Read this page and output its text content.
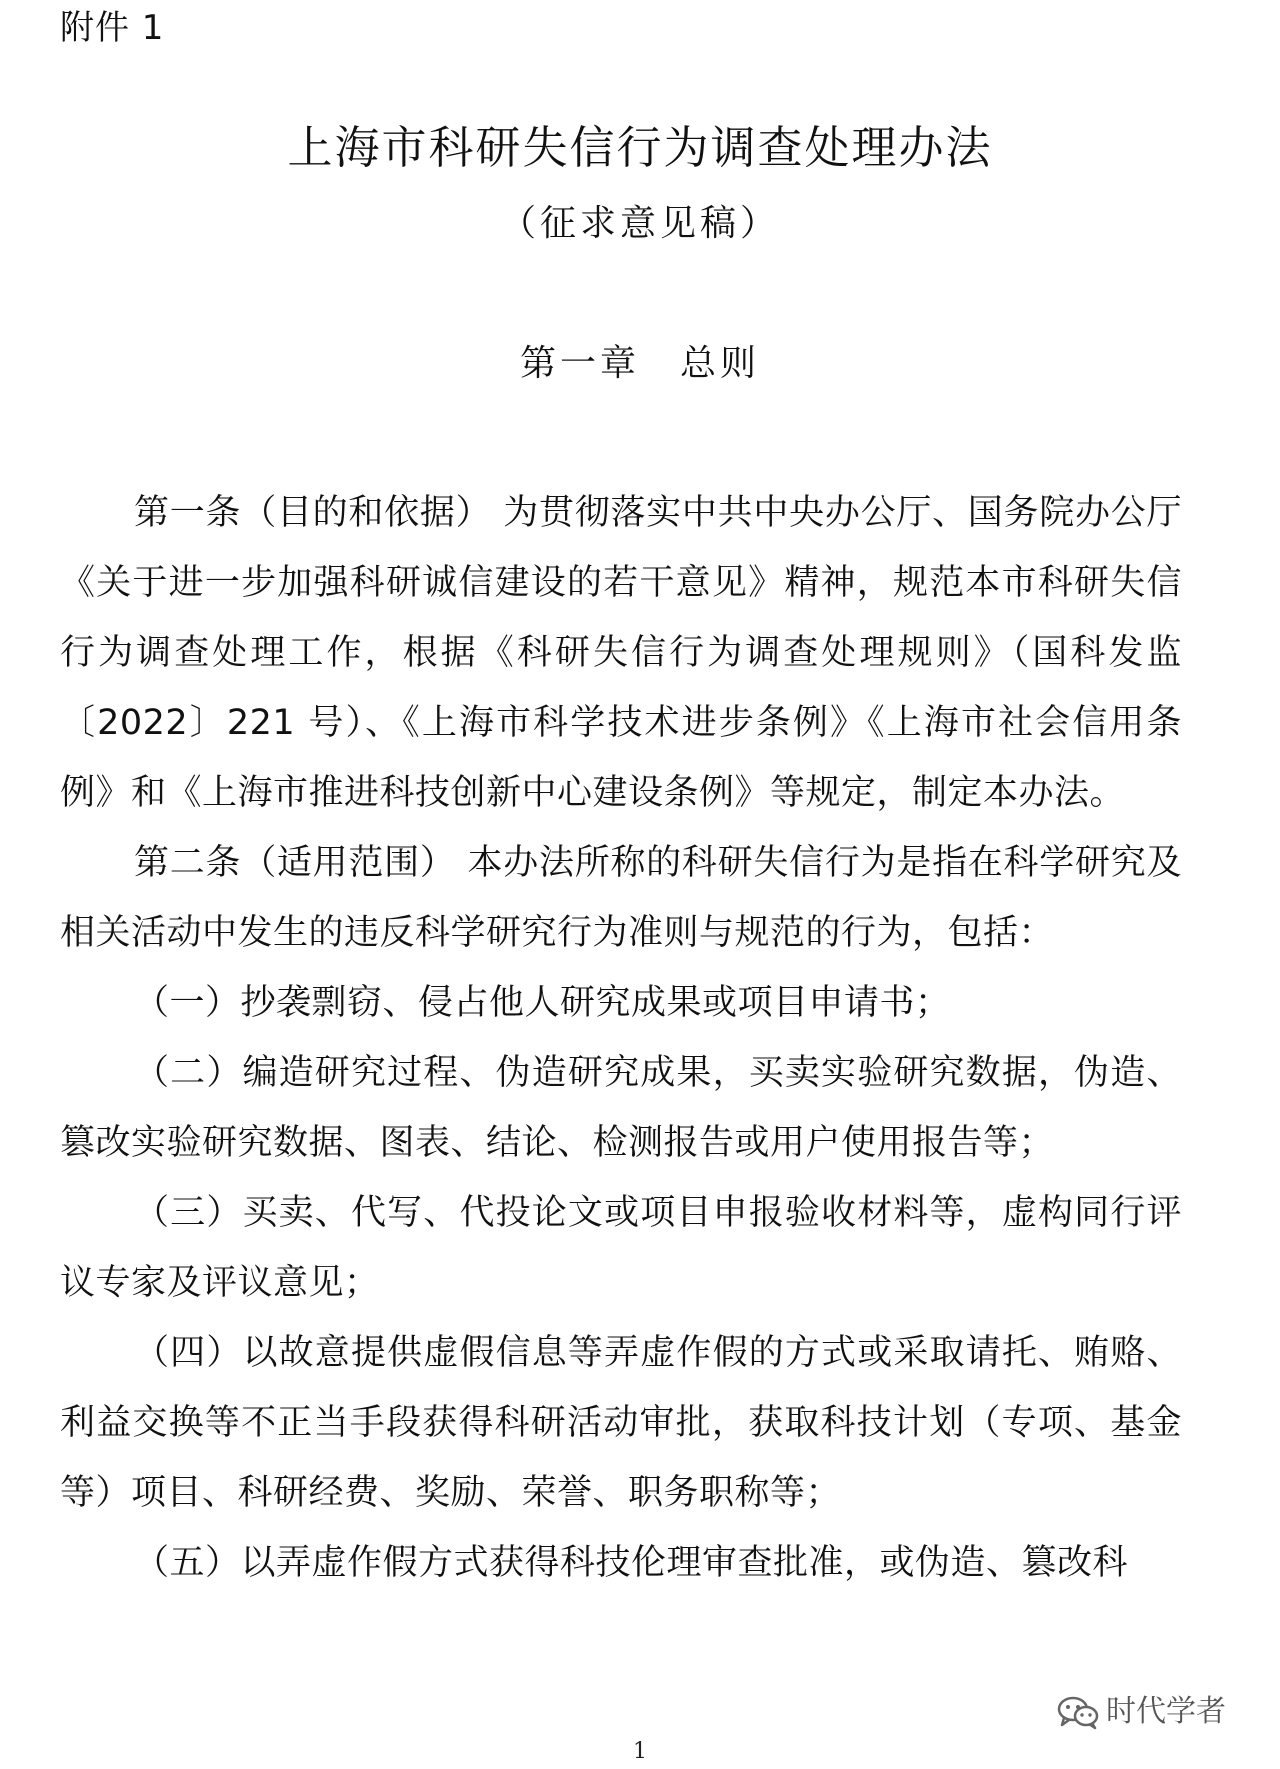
附件 1
上海市科研失信行为调查处理办法
（征求意见稿）
第一章 总则

第一条（目的和依据） 为贯彻落实中共中央办公厅、国务院办公厅《关于进一步加强科研诚信建设的若干意见》精神，规范本市科研失信行为调查处理工作，根据《科研失信行为调查处理规则》（国科发监〔2022〕221 号）、《上海市科学技术进步条例》《上海市社会信用条例》和《上海市推进科技创新中心建设条例》等规定，制定本办法。

第二条（适用范围） 本办法所称的科研失信行为是指在科学研究及相关活动中发生的违反科学研究行为准则与规范的行为，包括：

（一）抄袭剽窃、侵占他人研究成果或项目申请书；

（二）编造研究过程、伪造研究成果，买卖实验研究数据，伪造、篡改实验研究数据、图表、结论、检测报告或用户使用报告等；

（三）买卖、代写、代投论文或项目申报验收材料等，虚构同行评议专家及评议意见；

（四）以故意提供虚假信息等弄虚作假的方式或采取请托、贿赂、利益交换等不正当手段获得科研活动审批，获取科技计划（专项、基金等）项目、科研经费、奖励、荣誉、职务职称等；

（五）以弄虚作假方式获得科技伦理审查批准，或伪造、篡改科

时代学者
1
